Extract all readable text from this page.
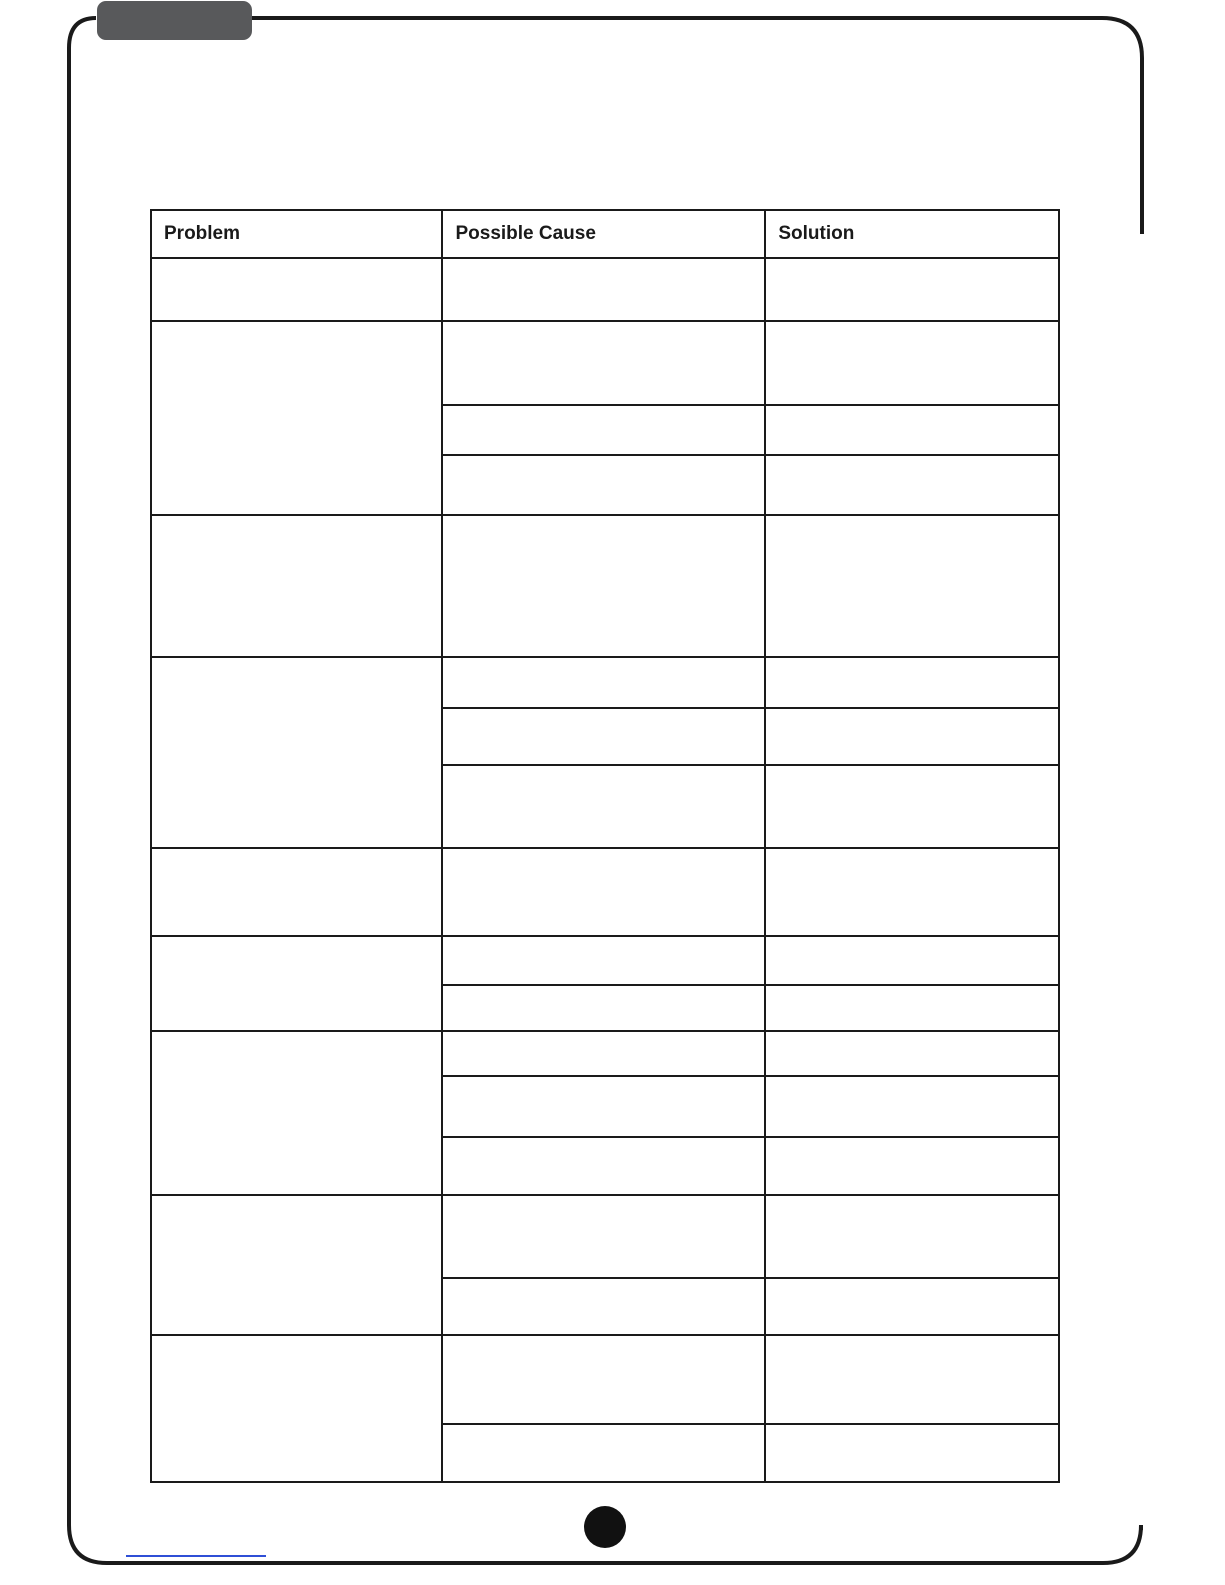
Problem	Possible Cause	Solution
